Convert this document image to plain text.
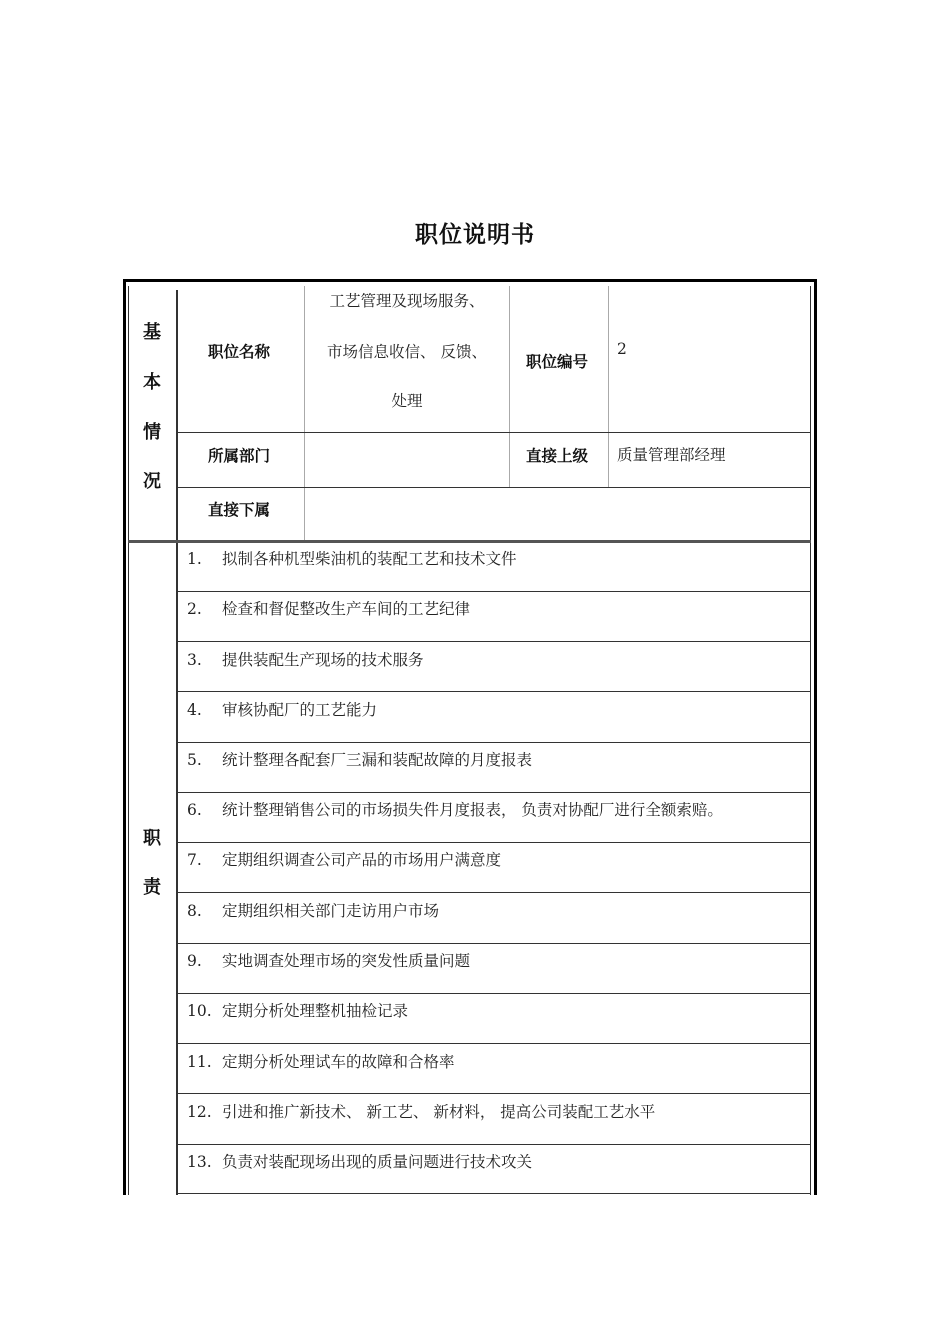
职位说明书
基
本
情
况
职位名称
工艺管理及现场服务、
市场信息收信、 反馈、
处理
职位编号
2
所属部门	直接上级 质量管理部经理
直接下属
职
责
1. 拟制各种机型柴油机的装配工艺和技术文件
2. 检查和督促整改生产车间的工艺纪律
3. 提供装配生产现场的技术服务
4. 审核协配厂的工艺能力
5. 统计整理各配套厂三漏和装配故障的月度报表
6. 统计整理销售公司的市场损失件月度报表， 负责对协配厂进行全额索赔。
7. 定期组织调查公司产品的市场用户满意度
8. 定期组织相关部门走访用户市场
9. 实地调查处理市场的突发性质量问题
10. 定期分析处理整机抽检记录
11. 定期分析处理试车的故障和合格率
12. 引进和推广新技术、 新工艺、 新材料， 提高公司装配工艺水平
13. 负责对装配现场出现的质量问题进行技术攻关
